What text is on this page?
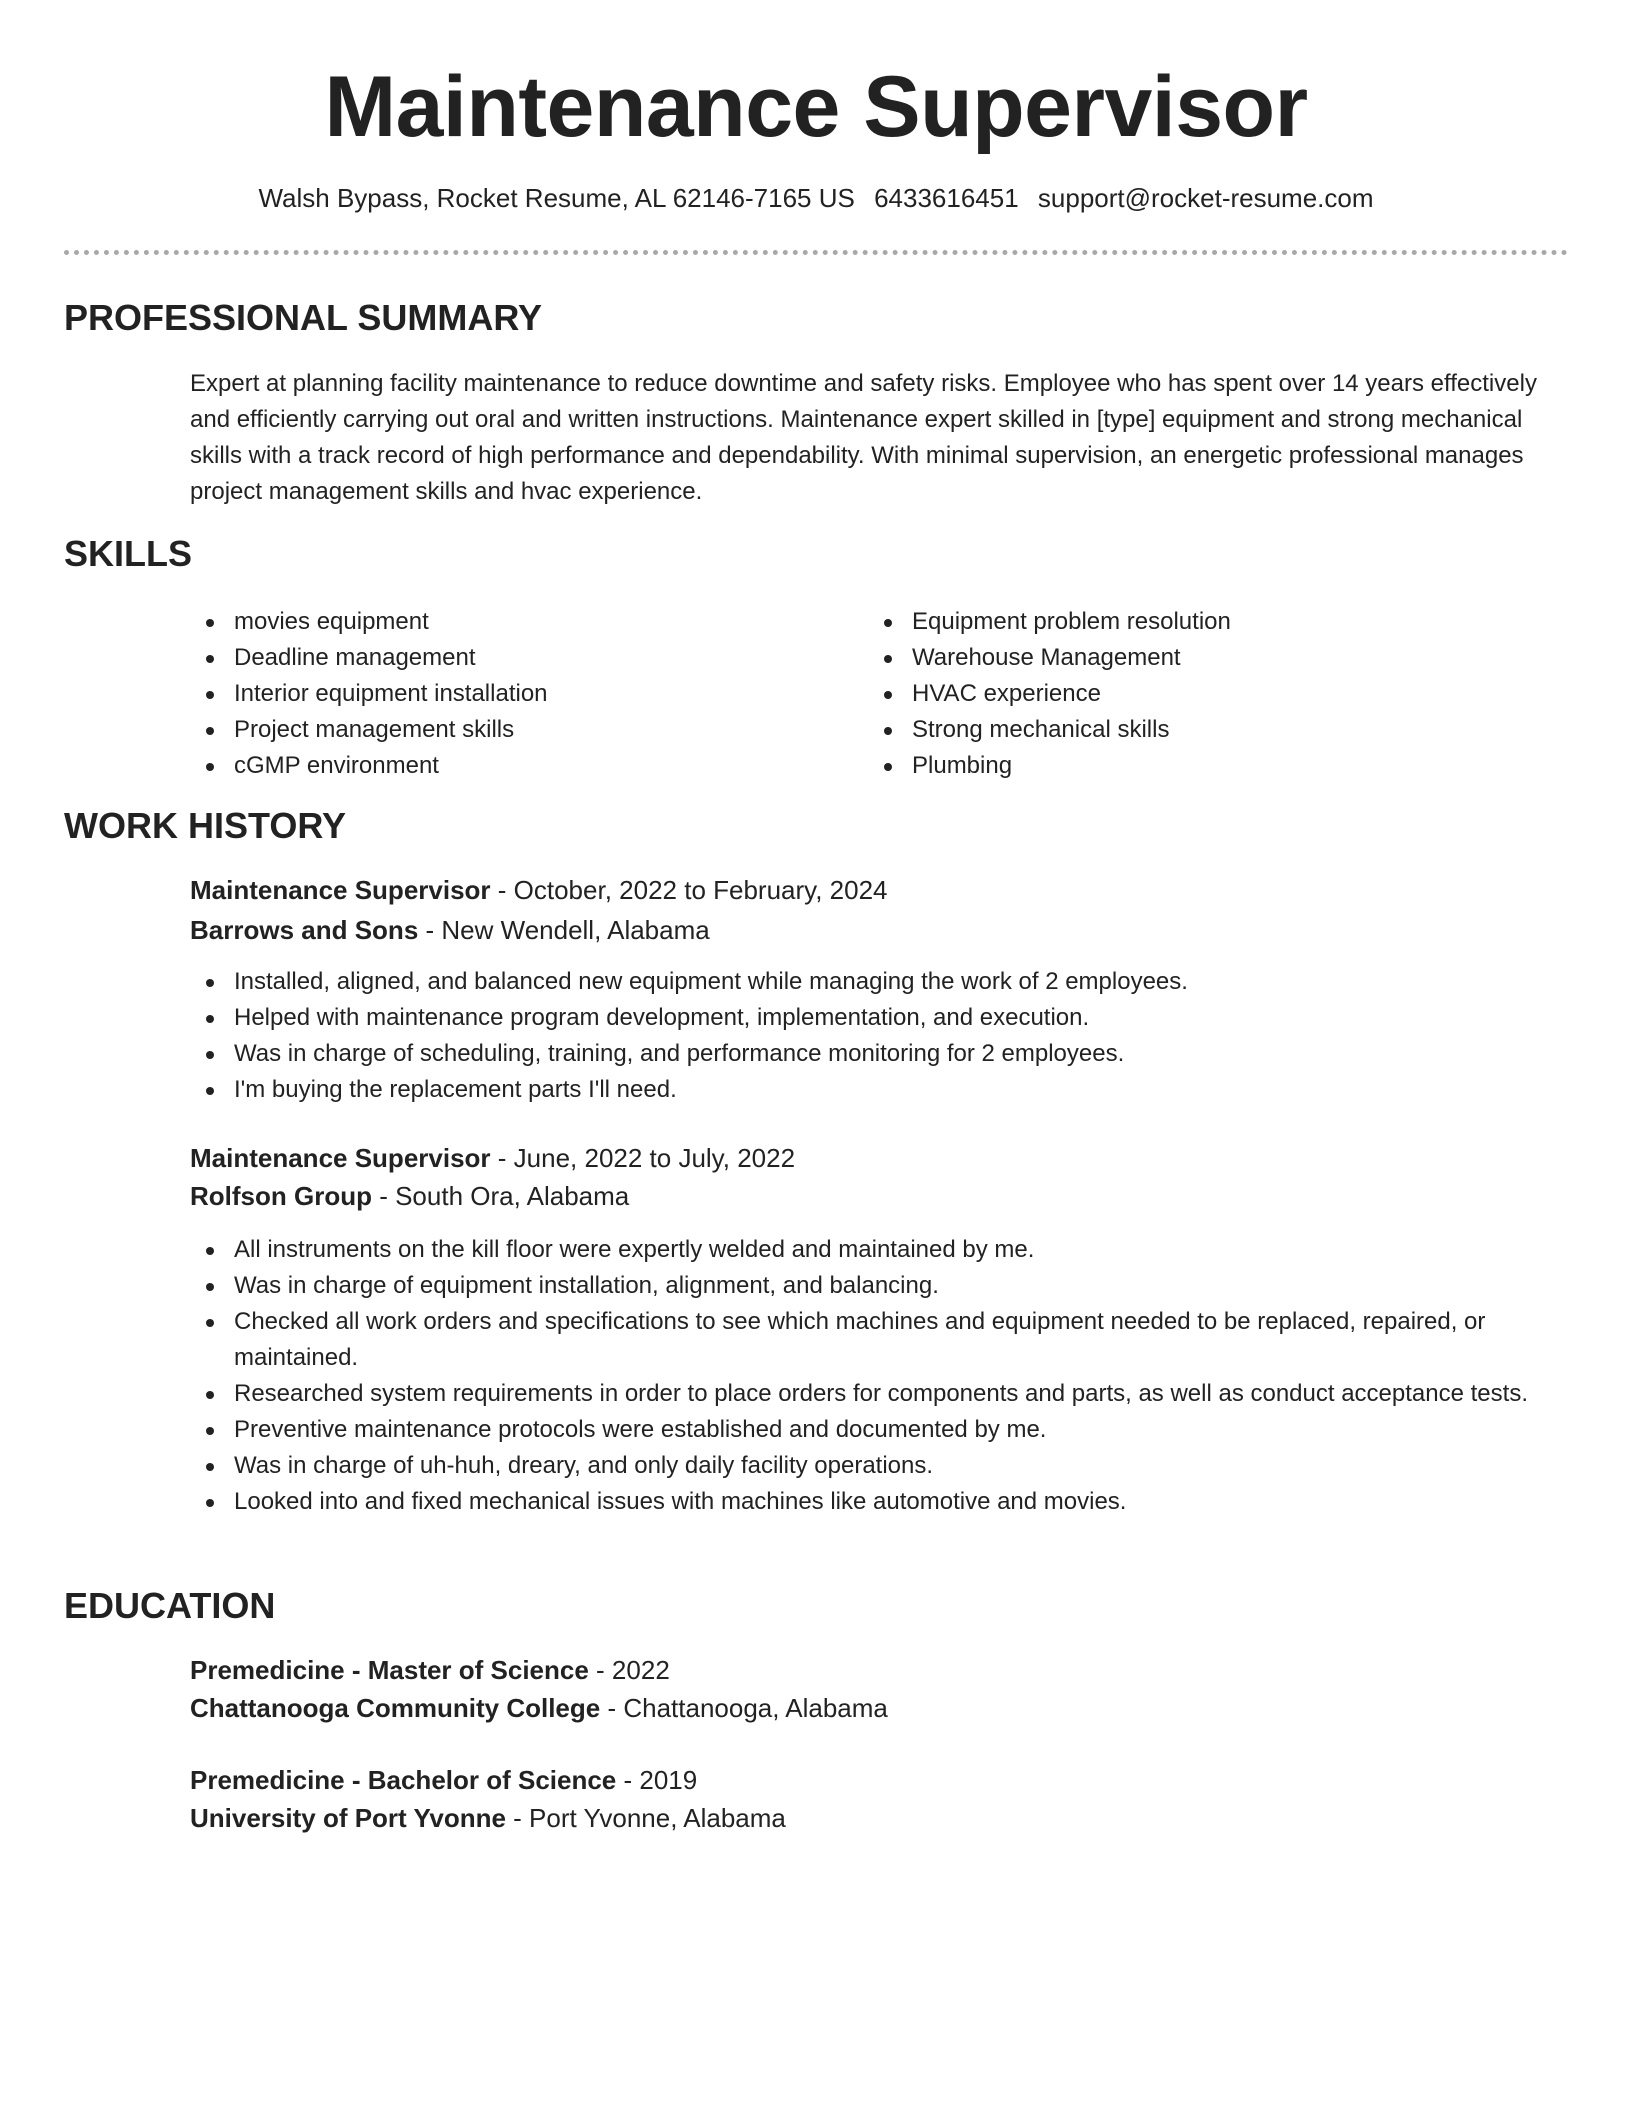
Maintenance Supervisor
Walsh Bypass, Rocket Resume, AL 62146-7165 US 6433616451 support@rocket-resume.com
PROFESSIONAL SUMMARY

Expert at planning facility maintenance to reduce downtime and safety risks. Employee who has spent over 14 years effectively and efficiently carrying out oral and written instructions. Maintenance expert skilled in [type] equipment and strong mechanical skills with a track record of high performance and dependability. With minimal supervision, an energetic professional manages project management skills and hvac experience.

SKILLS
movies equipment
Deadline management
Interior equipment installation
Project management skills
cGMP environment
Equipment problem resolution
Warehouse Management
HVAC experience
Strong mechanical skills
Plumbing
WORK HISTORY
Maintenance Supervisor - October, 2022 to February, 2024
Barrows and Sons - New Wendell, Alabama
Installed, aligned, and balanced new equipment while managing the work of 2 employees.
Helped with maintenance program development, implementation, and execution.
Was in charge of scheduling, training, and performance monitoring for 2 employees.
I'm buying the replacement parts I'll need.
Maintenance Supervisor - June, 2022 to July, 2022
Rolfson Group - South Ora, Alabama
All instruments on the kill floor were expertly welded and maintained by me.
Was in charge of equipment installation, alignment, and balancing.
Checked all work orders and specifications to see which machines and equipment needed to be replaced, repaired, or maintained.
Researched system requirements in order to place orders for components and parts, as well as conduct acceptance tests.
Preventive maintenance protocols were established and documented by me.
Was in charge of uh-huh, dreary, and only daily facility operations.
Looked into and fixed mechanical issues with machines like automotive and movies.
EDUCATION
Premedicine - Master of Science - 2022
Chattanooga Community College - Chattanooga, Alabama
Premedicine - Bachelor of Science - 2019
University of Port Yvonne - Port Yvonne, Alabama
